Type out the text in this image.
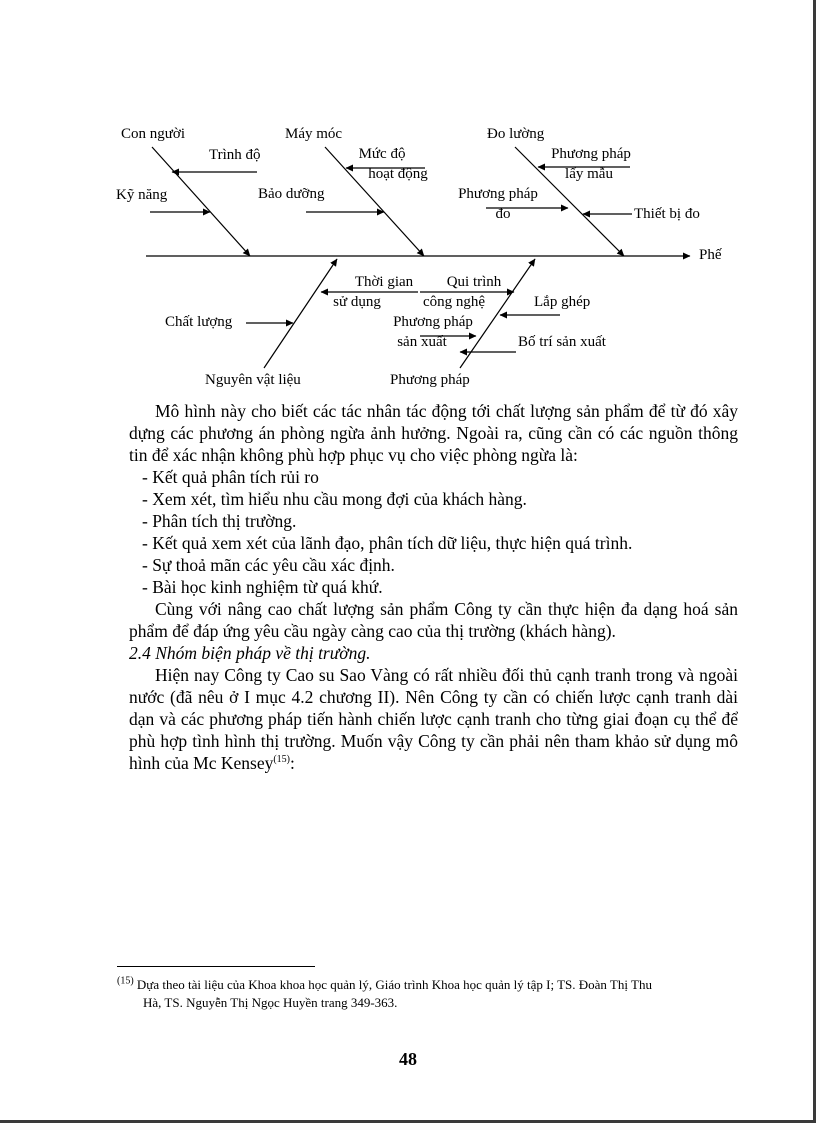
Con người
Trình độ
Kỹ năng
Máy móc
Mức độ
hoạt động
Bảo dưỡng
Đo lường
Phương pháp
lấy mẫu
Phương pháp
đo	Thiết bị đo
Phế
Thời gian
sử dụng
Chất lượng
Nguyên vật liệu
Qui trình
công nghệ	Lắp ghép
Phương pháp
sản xuất	Bố trí sản xuất
Phương pháp

Mô hình này cho biết các tác nhân tác động tới chất lượng sản phẩm để từ đó xây dựng các phương án phòng ngừa ảnh hưởng. Ngoài ra, cũng cần có các nguồn thông tin để xác nhận không phù hợp phục vụ cho việc phòng ngừa là:

- Kết quả phân tích rủi ro
- Xem xét, tìm hiểu nhu cầu mong đợi của khách hàng.
- Phân tích thị trường.
- Kết quả xem xét của lãnh đạo, phân tích dữ liệu, thực hiện quá trình.
- Sự thoả mãn các yêu cầu xác định.
- Bài học kinh nghiệm từ quá khứ.

Cùng với nâng cao chất lượng sản phẩm Công ty cần thực hiện đa dạng hoá sản phẩm để đáp ứng yêu cầu ngày càng cao của thị trường (khách hàng).

2.4 Nhóm biện pháp về thị trường.

Hiện nay Công ty Cao su Sao Vàng có rất nhiều đối thủ cạnh tranh trong và ngoài nước (đã nêu ở I mục 4.2 chương II). Nên Công ty cần có chiến lược cạnh tranh dài dạn và các phương pháp tiến hành chiến lược cạnh tranh cho từng giai đoạn cụ thể để phù hợp tình hình thị trường. Muốn vậy Công ty cần phải nên tham khảo sử dụng mô hình của Mc Kensey$^{(15)}$:

$^{(15)}$ Dựa theo tài liệu của Khoa khoa học quản lý, Giáo trình Khoa học quản lý tập I; TS. Đoàn Thị Thu
Hà, TS. Nguyễn Thị Ngọc Huyền trang 349-363.
48
